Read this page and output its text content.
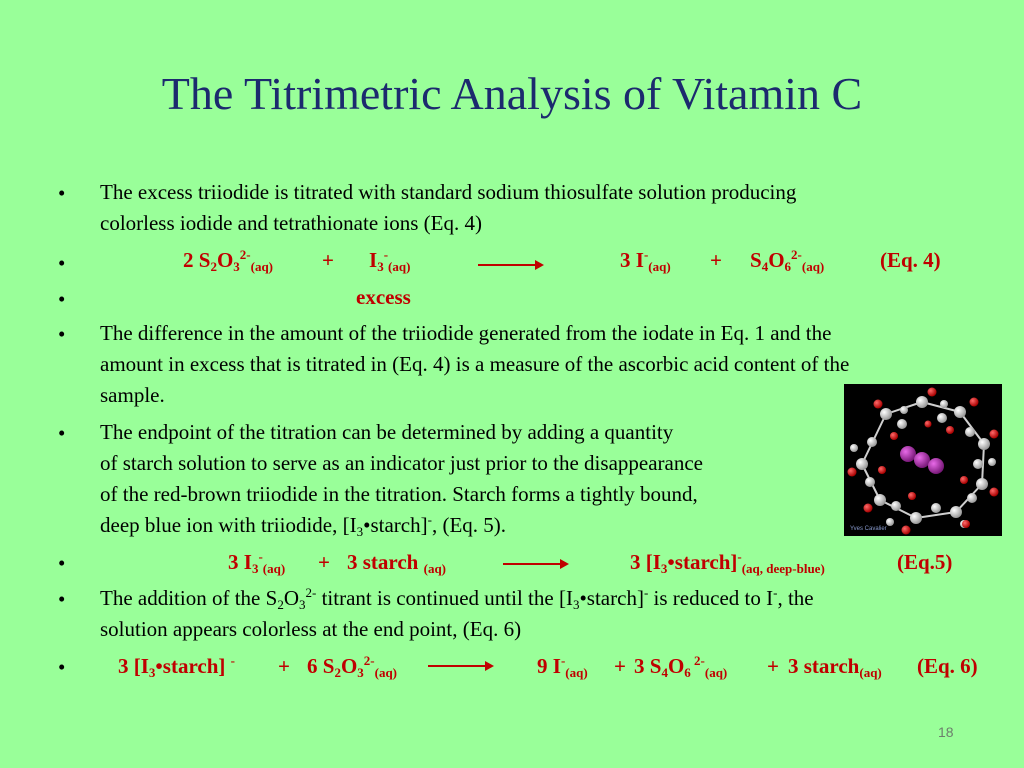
The Titrimetric Analysis of Vitamin C
•
•
•
•
•
•
•
•
The excess triiodide is titrated with standard sodium thiosulfate solution producing
colorless iodide and tetrathionate ions (Eq. 4)
2 $S_2O_3^{2-}_{(aq)} + I_3^-_{(aq)}$	3 $I^-_{(aq)} + S_4O_6^{2-}_{(aq)}$	(Eq. 4)
excess
The difference in the amount of the triiodide generated from the iodate in Eq. 1 and the
amount in excess that is titrated in (Eq. 4) is a measure of the ascorbic acid content of the
sample.
The endpoint of the titration can be determined by adding a quantity
of starch solution to serve as an indicator just prior to the disappearance
of the red-brown triiodide in the titration. Starch forms a tightly bound,
deep blue ion with triiodide, $[I_3•starch]^-$, (Eq. 5).	Yves Cavalier
3 $I_3^-_{(aq)} + 3$ starch $_{(aq)}$	3 $[I_3•starch]^-_{(aq, deep-blue)}$	(Eq.5)
The addition of the $S_2O_3^{2-}$ titrant is continued until the $[I_3•starch]^-$ is reduced to I-, the
solution appears colorless at the end point, (Eq. 6)
3 $[I_3•starch] ^- + 6$ $S_2O_3^{2-}_{(aq)}$	9 $I^-_{(aq)} + 3$ $S_4O_6$ $^{2-}_{(aq)}$ + 3 starch$_{(aq)}$ (Eq. 6)
18
